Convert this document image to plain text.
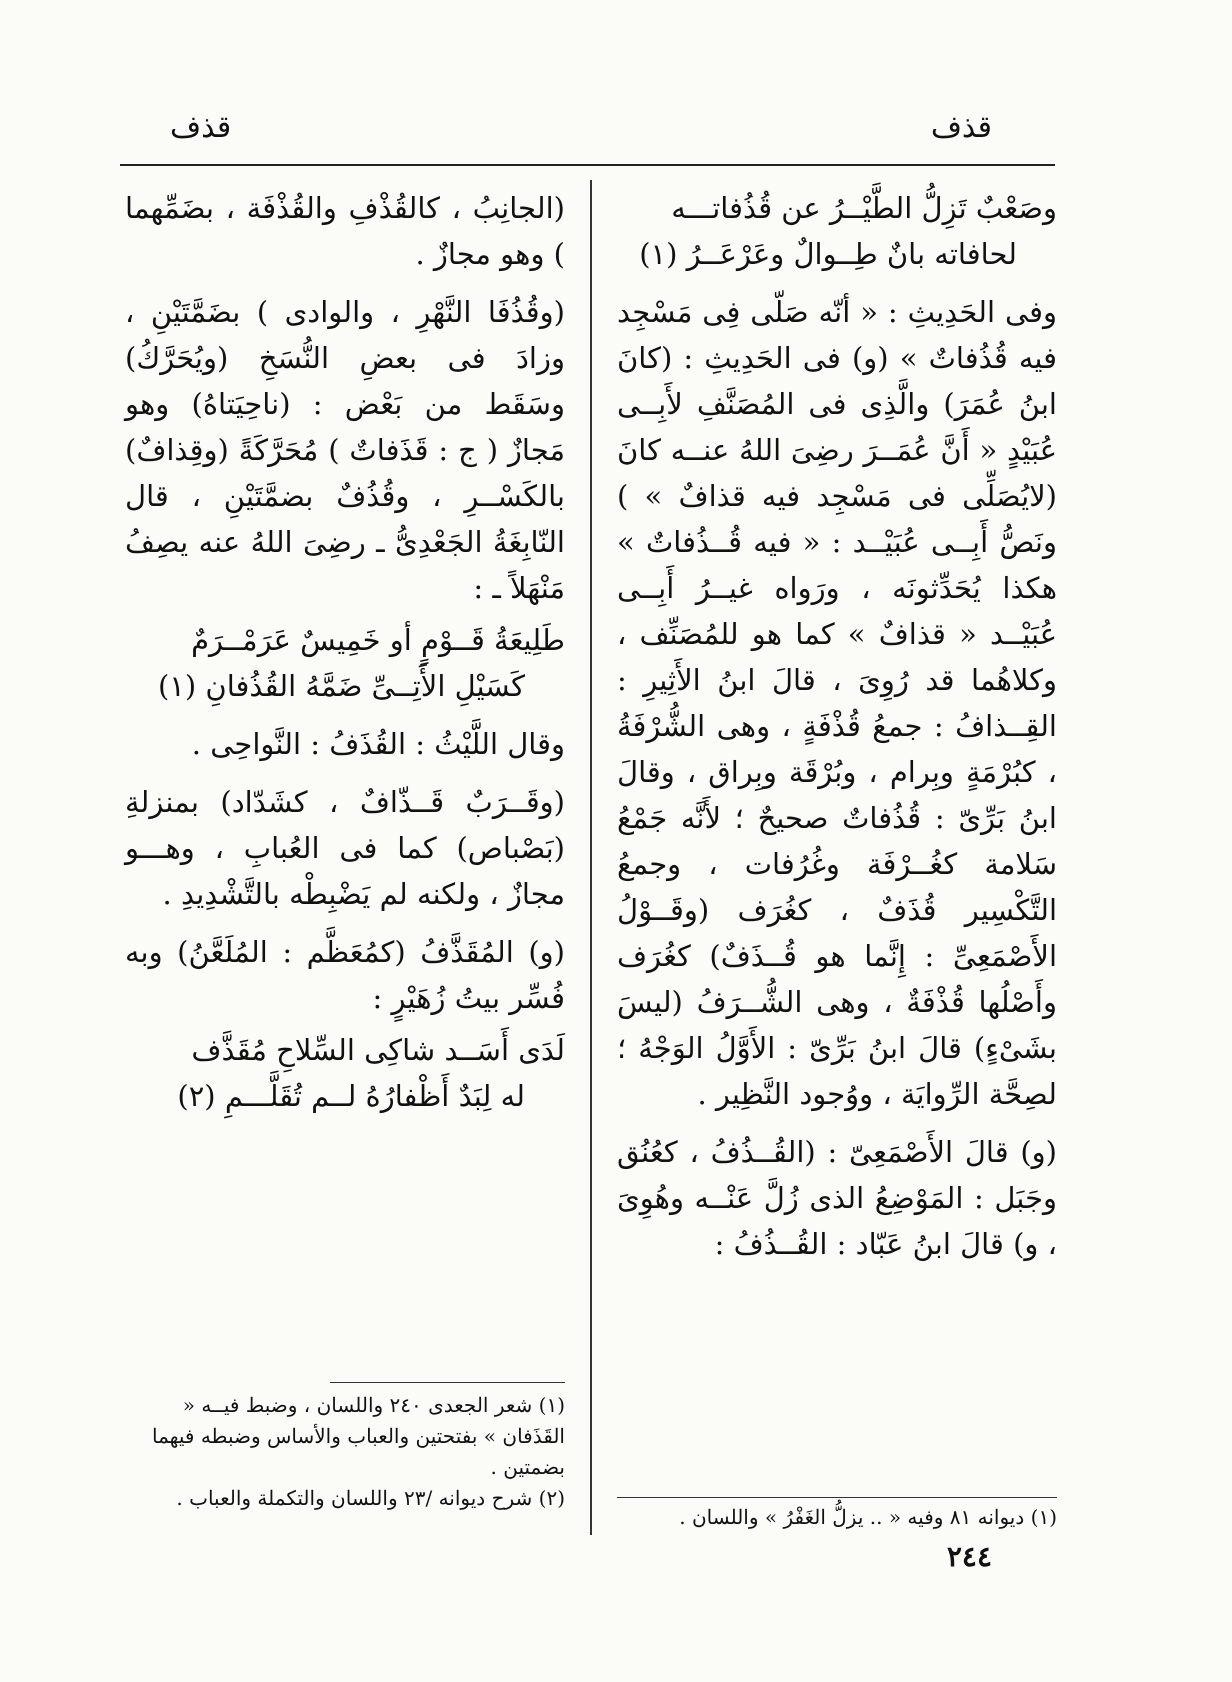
قذف
قذف
وصَعْبٌ تَزِلُّ الطَّيْــرُ عن قُذُفاتـــه
لحافاته بانٌ طِــوالٌ وعَرْعَــرُ (١)

وفى الحَدِيثِ : « أنّه صَلّى فِى مَسْجِد فيه قُذُفاتٌ » (و) فى الحَدِيثِ : (كانَ ابنُ عُمَرَ) والَّذِى فى المُصَنَّفِ لأَبِــى عُبَيْدٍ « أَنَّ عُمَــرَ رضِىَ اللهُ عنــه كانَ (لايُصَلِّى فى مَسْجِد فيه قذافٌ » ) ونَصُّ أَبِــى عُبَيْــد : « فيه قُــذُفاتٌ » هكذا يُحَدِّثونَه ، ورَواه غيــرُ أَبِــى عُبَيْــد « قذافٌ » كما هو للمُصَنِّف ، وكلاهُما قد رُوِىَ ، قالَ ابنُ الأَثِيرِ : القِــذافُ : جمعُ قُذْفَةٍ ، وهى الشُّرْفَةُ ، كبُرْمَةٍ وبِرام ، وبُرْقَة وبِراق ، وقالَ ابنُ بَرِّىّ : قُذُفاتٌ صحيحٌ ؛ لأَنَّه جَمْعُ سَلامة كغُــرْفَة وغُرُفات ، وجمعُ التَّكْسِير قُذَفٌ ، كغُرَف (وقَــوْلُ الأَصْمَعِىِّ : إِنَّما هو قُــذَفٌ) كغُرَف وأَصْلُها قُذْفَةٌ ، وهى الشُّــرَفُ (ليسَ بشَىْءٍ) قالَ ابنُ بَرِّىّ : الأَوَّلُ الوَجْهُ ؛ لصِحَّة الرِّوايَة ، ووُجود النَّظِير .

(و) قالَ الأَصْمَعِىّ : (القُــذُفُ ، كعُنُق وجَبَل : المَوْضِعُ الذى زُلَّ عَنْــه وهُوِىَ ، و) قالَ ابنُ عَبّاد : القُــذُفُ :

(الجانِبُ ، كالقُذْفِ والقُذْفَة ، بضَمِّهما ) وهو مجازٌ .

(وقُذُفَا النَّهْرِ ، والوادى ) بضَمَّتَيْنِ ، وزادَ فى بعضِ النُّسَخِ (ويُحَرَّكُ) وسَقَط من بَعْض : (ناحِيَتاهُ) وهو مَجازٌ ( ج : قَذَفاتٌ ) مُحَرَّكَةً (وقِذافٌ) بالكَسْــرِ ، وقُذُفٌ بضمَّتَيْنِ ، قال النّابِغَةُ الجَعْدِىُّ ـ رضِىَ اللهُ عنه يصِفُ مَنْهَلاً ـ :

طَلِيعَةُ قَــوْمٍ أو خَمِيسٌ عَرَمْــرَمٌ
كَسَيْلِ الأَتِــىِّ ضَمَّهُ القُذُفانِ (١)

وقال اللَّيْثُ : القُذَفُ : النَّواحِى .

(وقَــرَبٌ قَــذّافٌ ، كشَدّاد) بمنزلةِ (بَصْباص) كما فى العُبابِ ، وهـــو مجازٌ ، ولكنه لم يَضْبِطْه بالتَّشْدِيدِ .

(و) المُقَذَّفُ (كمُعَظَّم : المُلَعَّنُ) وبه فُسِّر بيتُ زُهَيْرٍ :

لَدَى أَسَــد شاكِى السِّلاحِ مُقَذَّف
له لِبَدٌ أَظْفارُهُ لــم تُقَلَّـــمِ (٢)

(١) ديوانه ٨١ وفيه « .. يزلُّ الغَفْرُ » واللسان .

(١) شعر الجعدى ٢٤٠ واللسان ، وضبط فيــه « القَذَفان » بفتحتين والعباب والأساس وضبطه فيهما بضمتين .

(٢) شرح ديوانه /٢٣ واللسان والتكملة والعباب .

٢٤٤
